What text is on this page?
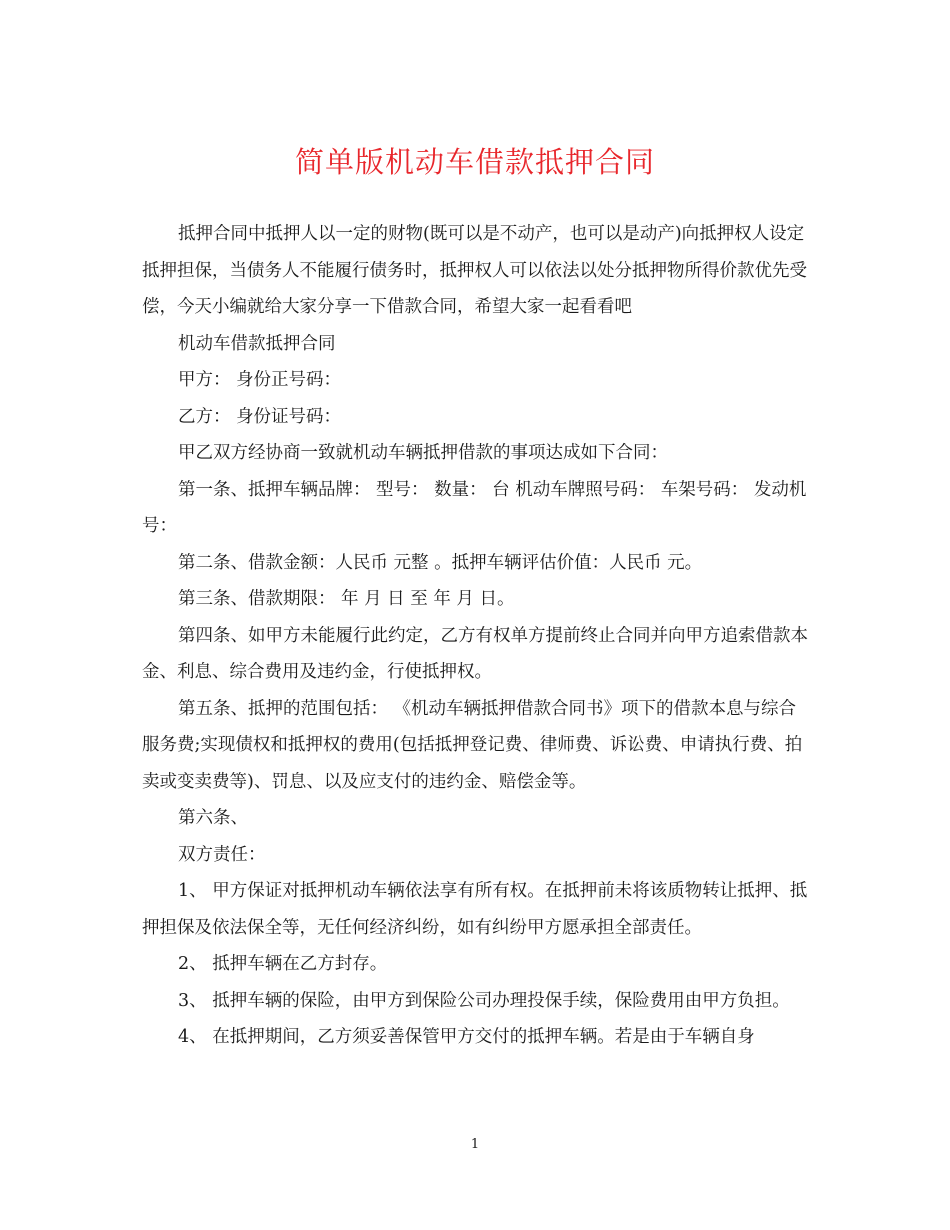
简单版机动车借款抵押合同

抵押合同中抵押人以一定的财物(既可以是不动产，也可以是动产)向抵押权人设定抵押担保，当债务人不能履行债务时，抵押权人可以依法以处分抵押物所得价款优先受偿，今天小编就给大家分享一下借款合同，希望大家一起看看吧

机动车借款抵押合同

甲方： 身份正号码：

乙方： 身份证号码：

甲乙双方经协商一致就机动车辆抵押借款的事项达成如下合同：

第一条、抵押车辆品牌： 型号： 数量： 台 机动车牌照号码： 车架号码： 发动机号：

第二条、借款金额：人民币 元整 。抵押车辆评估价值：人民币 元。

第三条、借款期限： 年 月 日 至 年 月 日。

第四条、如甲方未能履行此约定，乙方有权单方提前终止合同并向甲方追索借款本金、利息、综合费用及违约金，行使抵押权。

第五条、抵押的范围包括： 《机动车辆抵押借款合同书》项下的借款本息与综合服务费;实现债权和抵押权的费用(包括抵押登记费、律师费、诉讼费、申请执行费、拍卖或变卖费等)、罚息、以及应支付的违约金、赔偿金等。

第六条、

双方责任：

1、 甲方保证对抵押机动车辆依法享有所有权。在抵押前未将该质物转让抵押、抵押担保及依法保全等，无任何经济纠纷，如有纠纷甲方愿承担全部责任。

2、 抵押车辆在乙方封存。

3、 抵押车辆的保险，由甲方到保险公司办理投保手续，保险费用由甲方负担。

4、 在抵押期间，乙方须妥善保管甲方交付的抵押车辆。若是由于车辆自身

1
